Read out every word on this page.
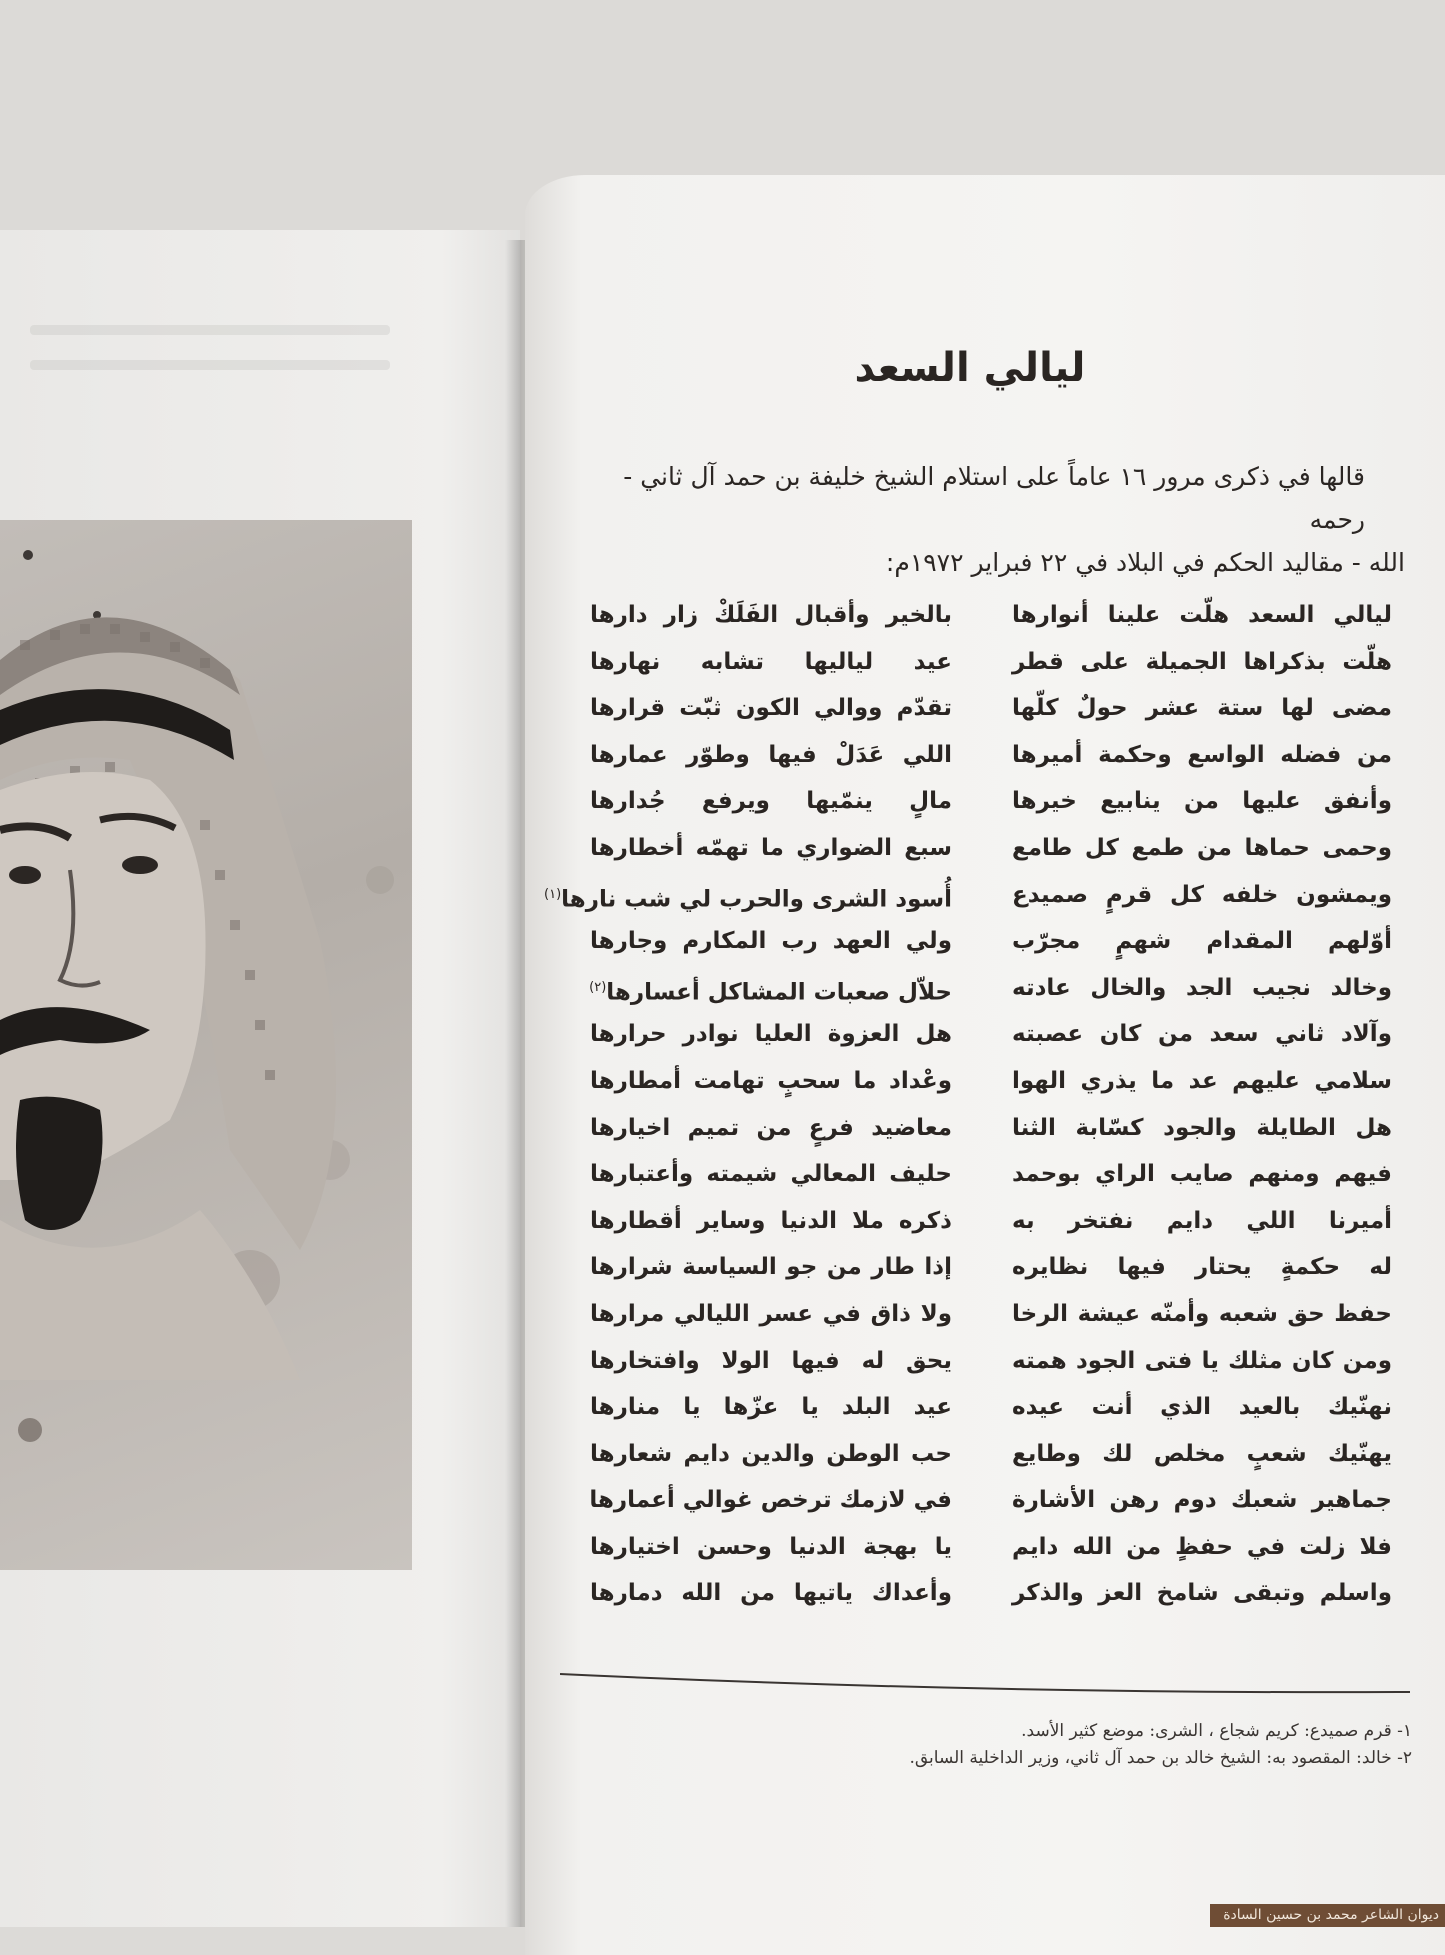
ليالي السعد
قالها في ذكرى مرور ١٦ عاماً على استلام الشيخ خليفة بن حمد آل ثاني - رحمه
الله - مقاليد الحكم في البلاد في ٢٢ فبراير ١٩٧٢م:
ليالي السعد هلّت علينا أنوارها
هلّت بذكراها الجميلة على قطر
مضى لها ستة عشر حولٌ كلّها
من فضله الواسع وحكمة أميرها
وأنفق عليها من ينابيع خيرها
وحمى حماها من طمع كل طامع
ويمشون خلفه كل قرمٍ صميدع
أوّلهم المقدام شهمٍ مجرّب
وخالد نجيب الجد والخال عادته
وآلاد ثاني سعد من كان عصبته
سلامي عليهم عد ما يذري الهوا
هل الطايلة والجود كسّابة الثنا
فيهم ومنهم صايب الراي بوحمد
أميرنا اللي دايم نفتخر به
له حكمةٍ يحتار فيها نظايره
حفظ حق شعبه وأمنّه عيشة الرخا
ومن كان مثلك يا فتى الجود همته
نهنّيك بالعيد الذي أنت عيده
يهنّيك شعبٍ مخلص لك وطايع
جماهير شعبك دوم رهن الأشارة
فلا زلت في حفظٍ من الله دايم
واسلم وتبقى شامخ العز والذكر
بالخير وأقبال الفَلَكْ زار دارها
عيد لياليها تشابه نهارها
تقدّم ووالي الكون ثبّت قرارها
اللي عَدَلْ فيها وطوّر عمارها
مالٍ ينمّيها ويرفع جُدارها
سبع الضواري ما تهمّه أخطارها
أُسود الشرى والحرب لي شب نارها$^{(١)}$
ولي العهد رب المكارم وجارها
حلاّل صعبات المشاكل أعسارها$^{(٢)}$
هل العزوة العليا نوادر حرارها
وعْداد ما سحبٍ تهامت أمطارها
معاضيد فرعٍ من تميم اخيارها
حليف المعالي شيمته وأعتبارها
ذكره ملا الدنيا وساير أقطارها
إذا طار من جو السياسة شرارها
ولا ذاق في عسر الليالي مرارها
يحق له فيها الولا وافتخارها
عيد البلد يا عزّها يا منارها
حب الوطن والدين دايم شعارها
في لازمك ترخص غوالي أعمارها
يا بهجة الدنيا وحسن اختيارها
وأعداك ياتيها من الله دمارها
١- قرم صميدع: كريم شجاع ، الشرى: موضع كثير الأسد.
٢- خالد: المقصود به: الشيخ خالد بن حمد آل ثاني، وزير الداخلية السابق.
ديوان الشاعر محمد بن حسين السادة
